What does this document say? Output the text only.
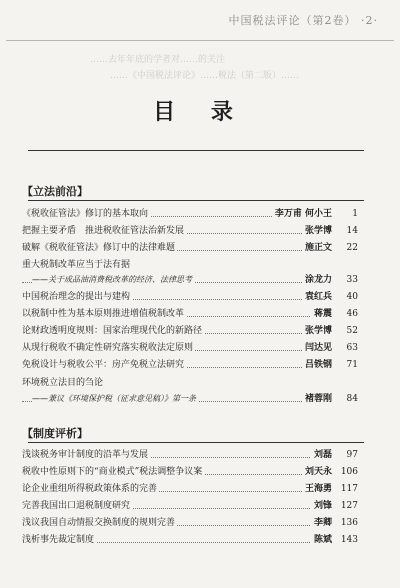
中国税法评论（第2卷） ·2·
……去年年底的学者对……的关注
……《中国税法评论》……税法（第二版）……
目 录
【立法前沿】
《税收征管法》修订的基本取向	李万甫 何小王	1
把握主要矛盾　推进税收征管法治新发展	张学博	14
破解《税收征管法》修订中的法律难题	施正文	22
重大税制改革应当于法有据
——关于成品油消费税改革的经济、法律思考	涂龙力	33
中国税治理念的提出与建构	袁红兵	40
以税制中性为基本原则推进增值税制改革	蒋震	46
论财政透明度规则：国家治理现代化的新路径	张学博	52
从现行税收不确定性研究落实税收法定原则	闫达见	63
免税设计与税收公平：房产免税立法研究	吕铁钢	71
环境税立法目的刍论
——兼议《环境保护税（征求意见稿）》第一条	褚蓉刚	84
【制度评析】
浅谈税务审计制度的沿革与发展	刘磊	97
税收中性原则下的“商业模式”税法调整争议案	刘天永 106
论企业重组所得税政策体系的完善	王海勇 117
完善我国出口退税制度研究	刘锋 127
浅议我国自动情报交换制度的规则完善	李卿 136
浅析事先裁定制度	陈斌 143
